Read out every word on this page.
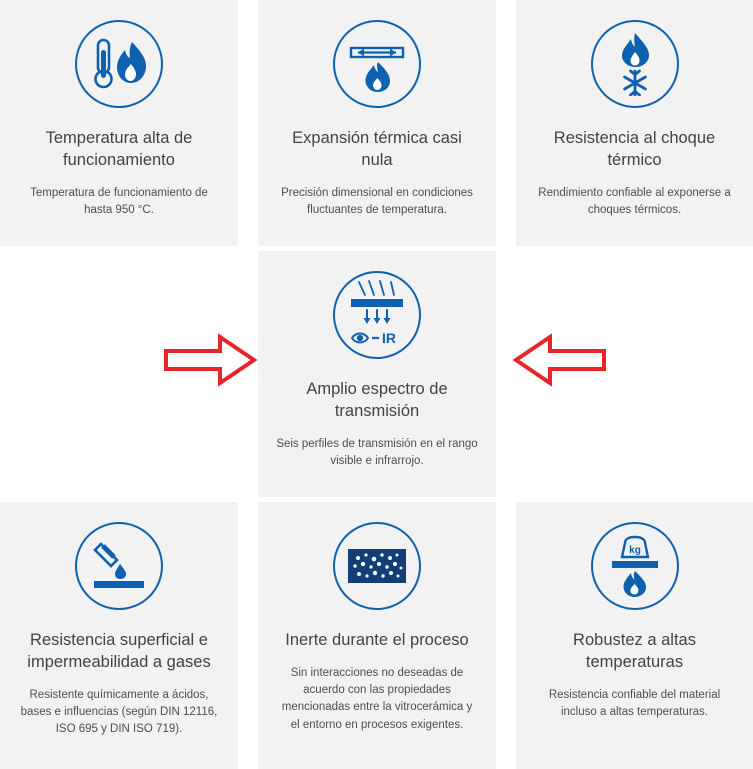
Temperatura alta de funcionamiento
Temperatura de funcionamiento de hasta 950 °C.
Expansión térmica casi nula
Precisión dimensional en condiciones fluctuantes de temperatura.
Resistencia al choque térmico
Rendimiento confiable al exponerse a choques térmicos.
IR
Amplio espectro de transmisión
Seis perfiles de transmisión en el rango visible e infrarrojo.
Resistencia superficial e impermeabilidad a gases
Resistente químicamente a ácidos, bases e influencias (según DIN 12116, ISO 695 y DIN ISO 719).
Inerte durante el proceso
Sin interacciones no deseadas de acuerdo con las propiedades mencionadas entre la vitrocerámica y el entorno en procesos exigentes.
kg
Robustez a altas temperaturas
Resistencia confiable del material incluso a altas temperaturas.
